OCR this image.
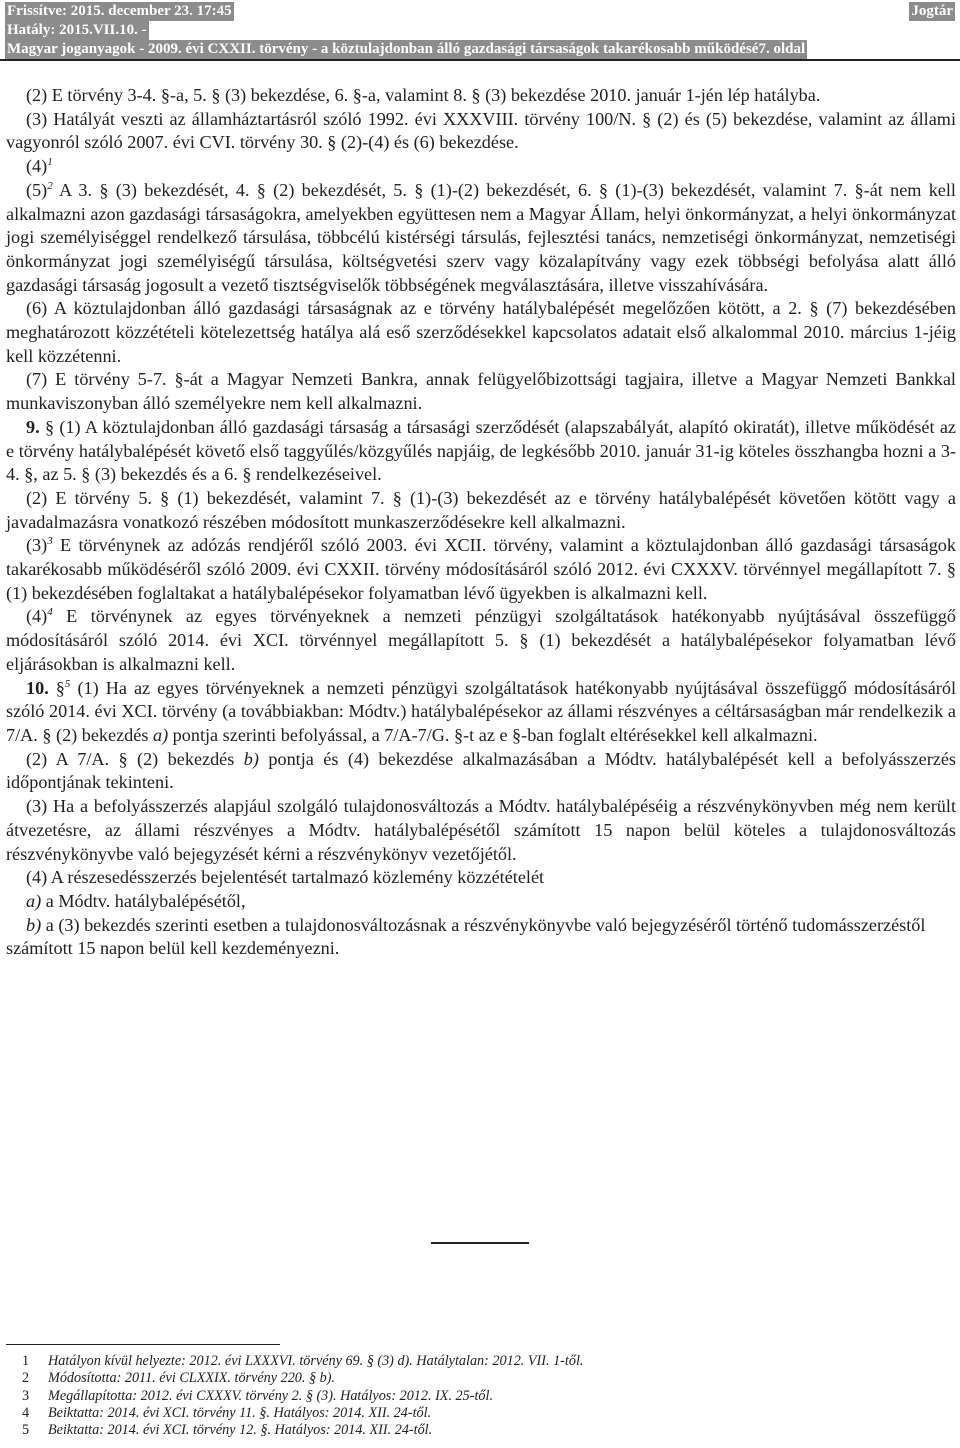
Frissítve: 2015. december 23. 17:45	Jogtár
Hatály: 2015.VII.10. -
Magyar joganyagok - 2009. évi CXXII. törvény - a köztulajdonban álló gazdasági társaságok takarékosabb működésé7. oldal

(2) E törvény 3-4. §-a, 5. § (3) bekezdése, 6. §-a, valamint 8. § (3) bekezdése 2010. január 1-jén lép hatályba.

(3) Hatályát veszti az államháztartásról szóló 1992. évi XXXVIII. törvény 100/N. § (2) és (5) bekezdése, valamint az állami vagyonról szóló 2007. évi CVI. törvény 30. § (2)-(4) és (6) bekezdése.

$(4)^1$

$(5)^2$ A 3. § (3) bekezdését, 4. § (2) bekezdését, 5. § (1)-(2) bekezdését, 6. § (1)-(3) bekezdését, valamint 7. §-át nem kell alkalmazni azon gazdasági társaságokra, amelyekben együttesen nem a Magyar Állam, helyi önkormányzat, a helyi önkormányzat jogi személyiséggel rendelkező társulása, többcélú kistérségi társulás, fejlesztési tanács, nemzetiségi önkormányzat, nemzetiségi önkormányzat jogi személyiségű társulása, költségvetési szerv vagy közalapítvány vagy ezek többségi befolyása alatt álló gazdasági társaság jogosult a vezető tisztségviselők többségének megválasztására, illetve visszahívására.

(6) A köztulajdonban álló gazdasági társaságnak az e törvény hatálybalépését megelőzően kötött, a 2. § (7) bekezdésében meghatározott közzétételi kötelezettség hatálya alá eső szerződésekkel kapcsolatos adatait első alkalommal 2010. március 1-jéig kell közzétenni.

(7) E törvény 5-7. §-át a Magyar Nemzeti Bankra, annak felügyelőbizottsági tagjaira, illetve a Magyar Nemzeti Bankkal munkaviszonyban álló személyekre nem kell alkalmazni.

9. § (1) A köztulajdonban álló gazdasági társaság a társasági szerződését (alapszabályát, alapító okiratát), illetve működését az e törvény hatálybalépését követő első taggyűlés/közgyűlés napjáig, de legkésőbb 2010. január 31-ig köteles összhangba hozni a 3-4. §, az 5. § (3) bekezdés és a 6. § rendelkezéseivel.

(2) E törvény 5. § (1) bekezdését, valamint 7. § (1)-(3) bekezdését az e törvény hatálybalépését követően kötött vagy a javadalmazásra vonatkozó részében módosított munkaszerződésekre kell alkalmazni.

$(3)^3$ E törvénynek az adózás rendjéről szóló 2003. évi XCII. törvény, valamint a köztulajdonban álló gazdasági társaságok takarékosabb működéséről szóló 2009. évi CXXII. törvény módosításáról szóló 2012. évi CXXXV. törvénnyel megállapított 7. § (1) bekezdésében foglaltakat a hatálybalépésekor folyamatban lévő ügyekben is alkalmazni kell.

$(4)^4$ E törvénynek az egyes törvényeknek a nemzeti pénzügyi szolgáltatások hatékonyabb nyújtásával összefüggő módosításáról szóló 2014. évi XCI. törvénnyel megállapított 5. § (1) bekezdését a hatálybalépésekor folyamatban lévő eljárásokban is alkalmazni kell.

10. §$^5$ (1) Ha az egyes törvényeknek a nemzeti pénzügyi szolgáltatások hatékonyabb nyújtásával összefüggő módosításáról szóló 2014. évi XCI. törvény (a továbbiakban: Módtv.) hatálybalépésekor az állami részvényes a céltársaságban már rendelkezik a 7/A. § (2) bekezdés a) pontja szerinti befolyással, a 7/A-7/G. §-t az e §-ban foglalt eltérésekkel kell alkalmazni.

(2) A 7/A. § (2) bekezdés b) pontja és (4) bekezdése alkalmazásában a Módtv. hatálybalépését kell a befolyásszerzés időpontjának tekinteni.

(3) Ha a befolyásszerzés alapjául szolgáló tulajdonosváltozás a Módtv. hatálybalépéséig a részvénykönyvben még nem került átvezetésre, az állami részvényes a Módtv. hatálybalépésétől számított 15 napon belül köteles a tulajdonosváltozás részvénykönyvbe való bejegyzését kérni a részvénykönyv vezetőjétől.

(4) A részesedésszerzés bejelentését tartalmazó közlemény közzétételét

a) a Módtv. hatálybalépésétől,

b) a (3) bekezdés szerinti esetben a tulajdonosváltozásnak a részvénykönyvbe való bejegyzéséről történő tudomásszerzéstől

számított 15 napon belül kell kezdeményezni.

1	Hatályon kívül helyezte: 2012. évi LXXXVI. törvény 69. § (3) d). Hatálytalan: 2012. VII. 1-től.
2	Módosította: 2011. évi CLXXIX. törvény 220. § b).
3	Megállapította: 2012. évi CXXXV. törvény 2. § (3). Hatályos: 2012. IX. 25-től.
4	Beiktatta: 2014. évi XCI. törvény 11. §. Hatályos: 2014. XII. 24-től.
5	Beiktatta: 2014. évi XCI. törvény 12. §. Hatályos: 2014. XII. 24-től.
